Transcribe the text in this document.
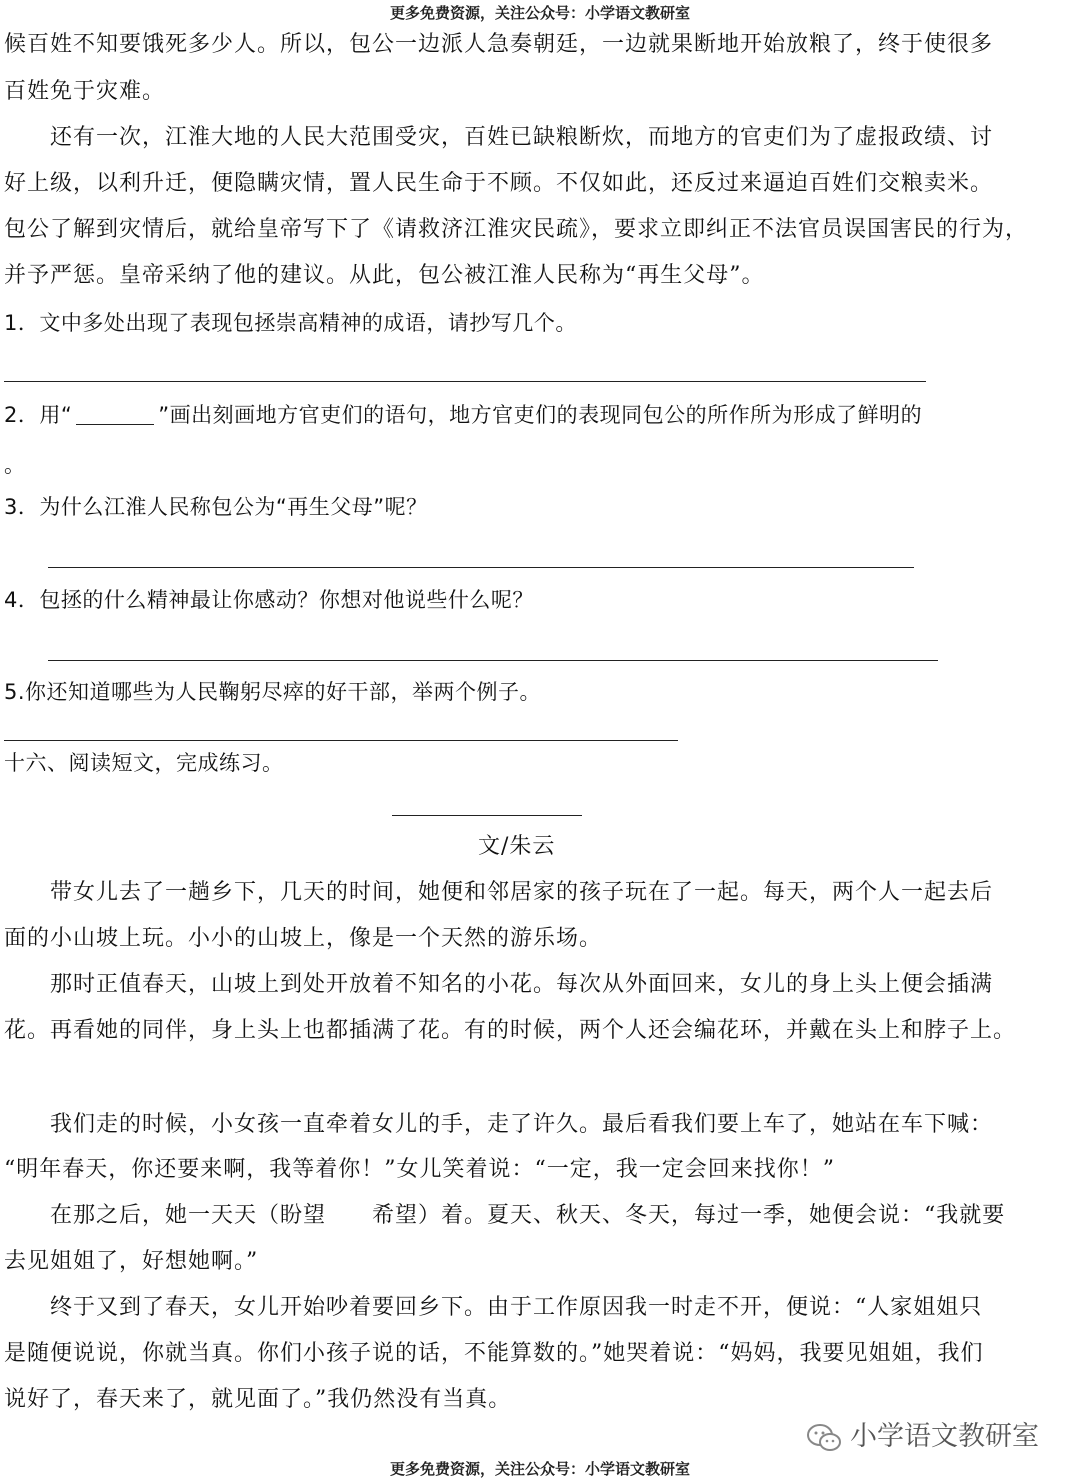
更多免费资源，关注公众号：小学语文教研室
候百姓不知要饿死多少人。所以，包公一边派人急奏朝廷，一边就果断地开始放粮了，终于使很多
百姓免于灾难。
还有一次，江淮大地的人民大范围受灾，百姓已缺粮断炊，而地方的官吏们为了虚报政绩、讨
好上级，以利升迁，便隐瞒灾情，置人民生命于不顾。不仅如此，还反过来逼迫百姓们交粮卖米。
包公了解到灾情后，就给皇帝写下了《请救济江淮灾民疏》，要求立即纠正不法官员误国害民的行为，
并予严惩。皇帝采纳了他的建议。从此，包公被江淮人民称为“再生父母”。
1．文中多处出现了表现包拯崇高精神的成语，请抄写几个。
2．用“	”画出刻画地方官吏们的语句，地方官吏们的表现同包公的所作所为形成了鲜明的
。
3．为什么江淮人民称包公为“再生父母”呢？
4．包拯的什么精神最让你感动？你想对他说些什么呢？
5.你还知道哪些为人民鞠躬尽瘁的好干部，举两个例子。
十六、阅读短文，完成练习。
文/朱云
带女儿去了一趟乡下，几天的时间，她便和邻居家的孩子玩在了一起。每天，两个人一起去后
面的小山坡上玩。小小的山坡上，像是一个天然的游乐场。
那时正值春天，山坡上到处开放着不知名的小花。每次从外面回来，女儿的身上头上便会插满
花。再看她的同伴，身上头上也都插满了花。有的时候，两个人还会编花环，并戴在头上和脖子上。
我们走的时候，小女孩一直牵着女儿的手，走了许久。最后看我们要上车了，她站在车下喊：
“明年春天，你还要来啊，我等着你！”女儿笑着说：“一定，我一定会回来找你！”
在那之后，她一天天（盼望　　希望）着。夏天、秋天、冬天，每过一季，她便会说：“我就要
去见姐姐了，好想她啊。”
终于又到了春天，女儿开始吵着要回乡下。由于工作原因我一时走不开，便说：“人家姐姐只
是随便说说，你就当真。你们小孩子说的话，不能算数的。”她哭着说：“妈妈，我要见姐姐，我们
说好了，春天来了，就见面了。”我仍然没有当真。
小学语文教研室
更多免费资源，关注公众号：小学语文教研室
